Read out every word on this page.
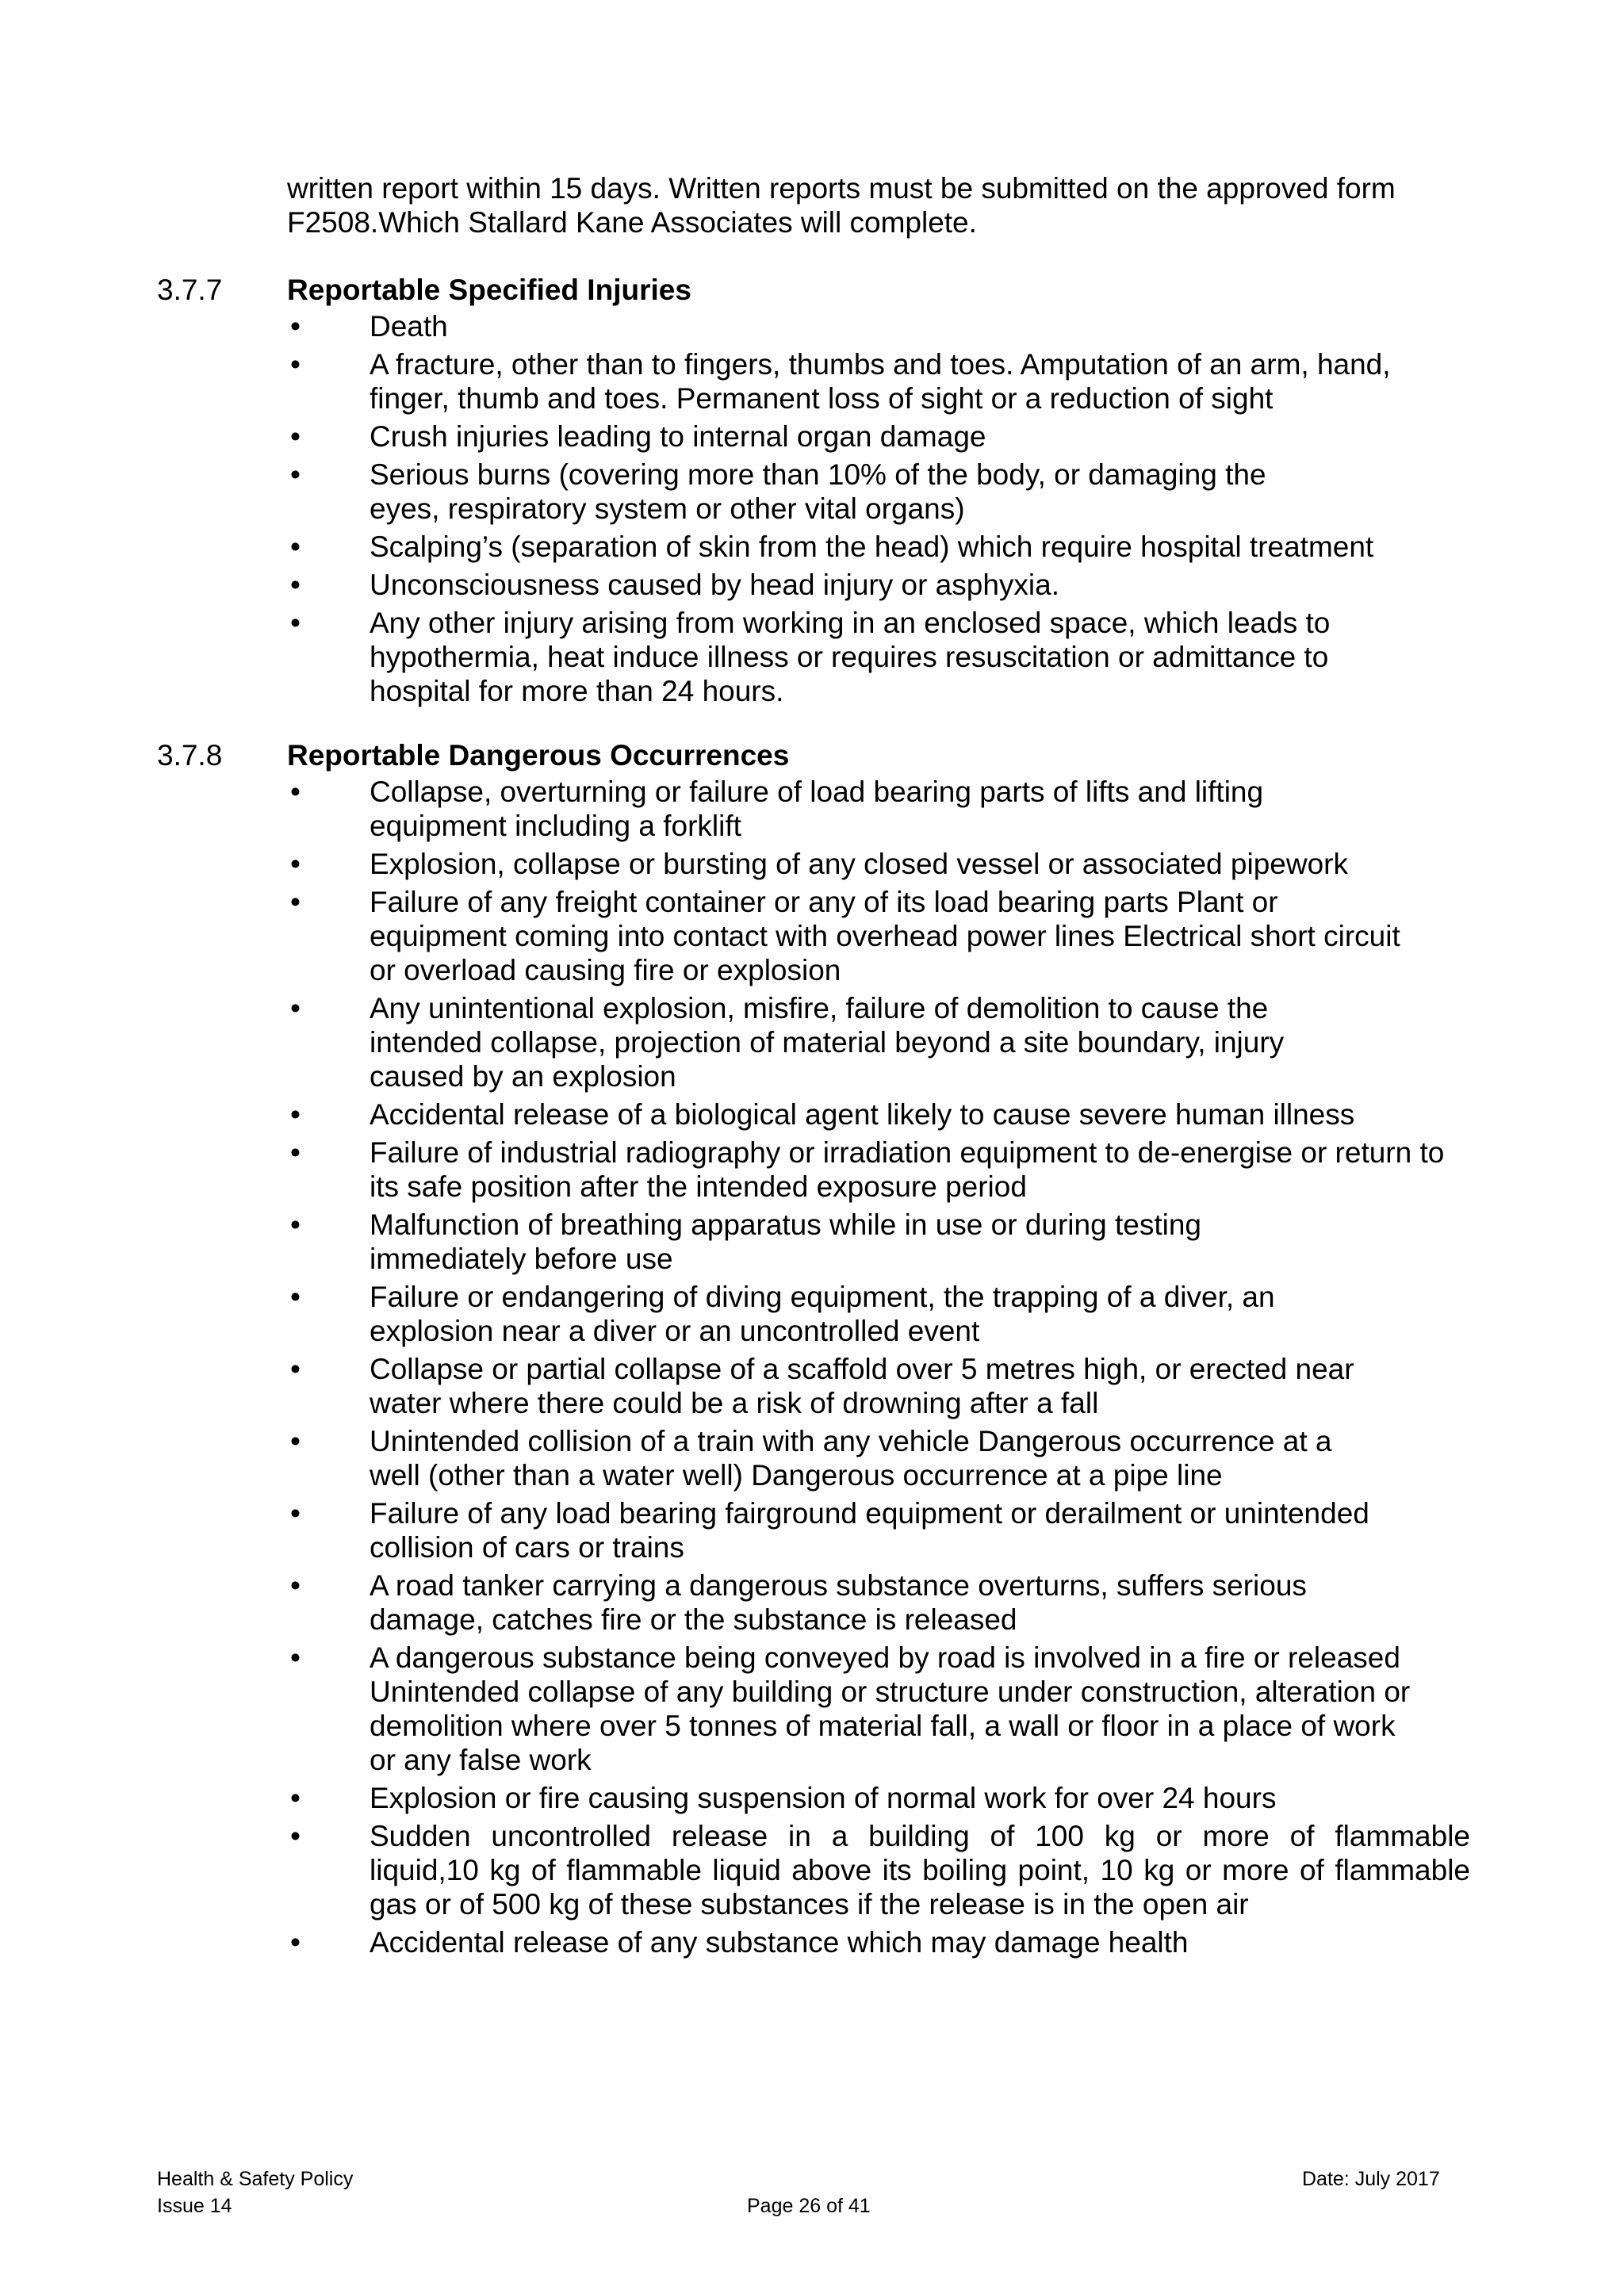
written report within 15 days. Written reports must be submitted on the approved form
F2508.Which Stallard Kane Associates will complete.
3.7.7 Reportable Specified Injuries
• Death
• A fracture, other than to fingers, thumbs and toes. Amputation of an arm, hand,
finger, thumb and toes. Permanent loss of sight or a reduction of sight
• Crush injuries leading to internal organ damage
• Serious burns (covering more than 10% of the body, or damaging the
eyes, respiratory system or other vital organs)
• Scalping’s (separation of skin from the head) which require hospital treatment
• Unconsciousness caused by head injury or asphyxia.
• Any other injury arising from working in an enclosed space, which leads to
hypothermia, heat induce illness or requires resuscitation or admittance to
hospital for more than 24 hours.
3.7.8 Reportable Dangerous Occurrences
• Collapse, overturning or failure of load bearing parts of lifts and lifting
equipment including a forklift
• Explosion, collapse or bursting of any closed vessel or associated pipework
• Failure of any freight container or any of its load bearing parts Plant or
equipment coming into contact with overhead power lines Electrical short circuit
or overload causing fire or explosion
• Any unintentional explosion, misfire, failure of demolition to cause the
intended collapse, projection of material beyond a site boundary, injury
caused by an explosion
• Accidental release of a biological agent likely to cause severe human illness
• Failure of industrial radiography or irradiation equipment to de-energise or return to
its safe position after the intended exposure period
• Malfunction of breathing apparatus while in use or during testing
immediately before use
• Failure or endangering of diving equipment, the trapping of a diver, an
explosion near a diver or an uncontrolled event
• Collapse or partial collapse of a scaffold over 5 metres high, or erected near
water where there could be a risk of drowning after a fall
• Unintended collision of a train with any vehicle Dangerous occurrence at a
well (other than a water well) Dangerous occurrence at a pipe line
• Failure of any load bearing fairground equipment or derailment or unintended
collision of cars or trains
• A road tanker carrying a dangerous substance overturns, suffers serious
damage, catches fire or the substance is released
• A dangerous substance being conveyed by road is involved in a fire or released
Unintended collapse of any building or structure under construction, alteration or
demolition where over 5 tonnes of material fall, a wall or floor in a place of work
or any false work
• Explosion or fire causing suspension of normal work for over 24 hours
• Sudden uncontrolled release in a building of 100 kg or more of flammable
liquid,10 kg of flammable liquid above its boiling point, 10 kg or more of flammable
gas or of 500 kg of these substances if the release is in the open air
• Accidental release of any substance which may damage health
Health & Safety Policy
Issue 14	Page 26 of 41
Date: July 2017
